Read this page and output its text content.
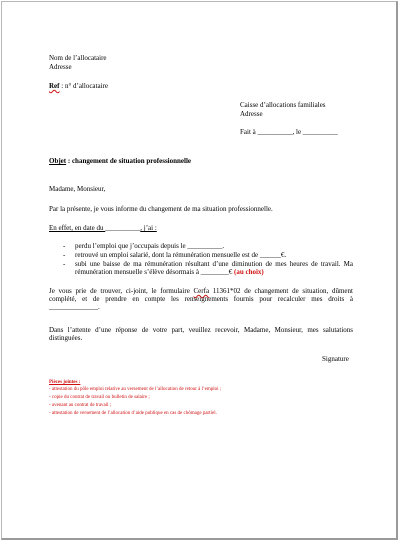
Nom de l’allocataire
Adresse
Ref : n° d’allocataire
Caisse d’allocations familiales
Adresse
Fait à __________, le __________
Objet : changement de situation professionnelle
Madame, Monsieur,
Par la présente, je vous informe du changement de ma situation professionnelle.
En effet, en date du __________, j’ai :
- perdu l’emploi que j’occupais depuis le __________.
- retrouvé un emploi salarié, dont la rémunération mensuelle est de ______€.
- subi une baisse de ma rémunération résultant d’une diminution de mes heures de travail. Ma rémunération mensuelle s’élève désormais à ________€ (au choix)
Je vous prie de trouver, ci-joint, le formulaire Cerfa 11361*02 de changement de situation, dûment complété, et de prendre en compte les renseignements fournis pour recalculer mes droits à ______________.
Dans l’attente d’une réponse de votre part, veuillez recevoir, Madame, Monsieur, mes salutations distinguées.
Signature
Pièces jointes :
- attestation du pôle emploi relative au versement de l’allocation de retour à l’emploi ;
- copie du contrat de travail ou bulletin de salaire ;
- avenant au contrat de travail ;
- attestation de versement de l’allocation d’aide publique en cas de chômage partiel.
